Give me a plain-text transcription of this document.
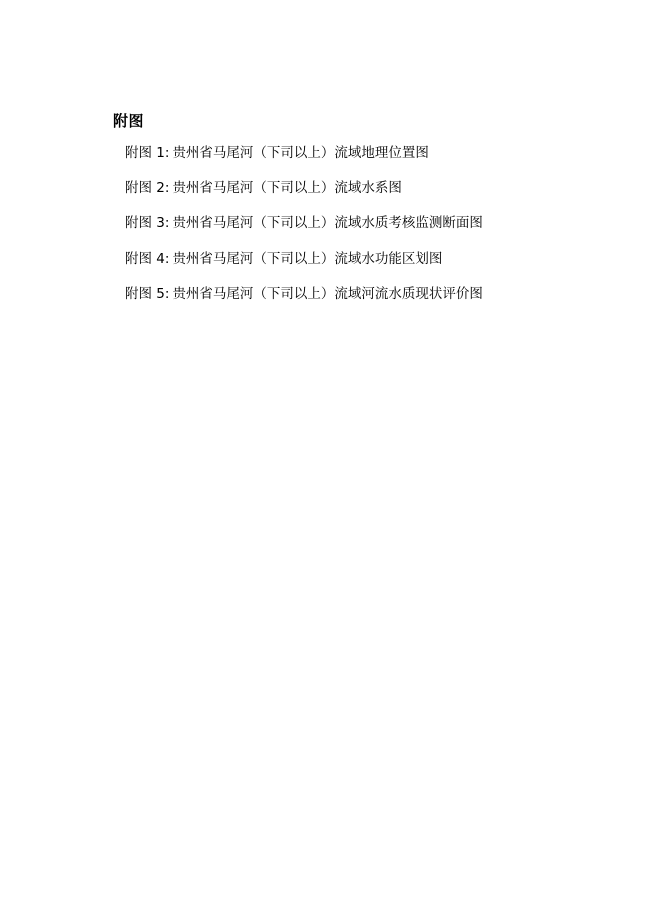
附图
附图 1: 贵州省马尾河（下司以上）流域地理位置图
附图 2: 贵州省马尾河（下司以上）流域水系图
附图 3: 贵州省马尾河（下司以上）流域水质考核监测断面图
附图 4: 贵州省马尾河（下司以上）流域水功能区划图
附图 5: 贵州省马尾河（下司以上）流域河流水质现状评价图
